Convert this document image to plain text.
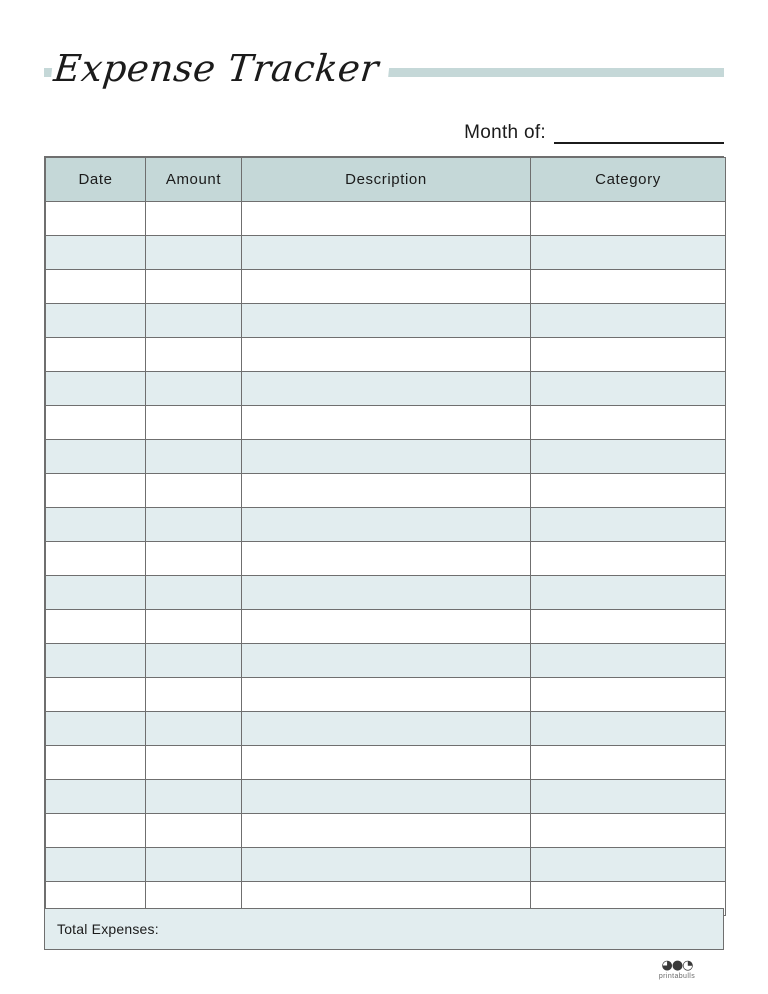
Expense Tracker
Month of:
Date	Amount	Description	Category

Total Expenses:
◕●◔
printabulls
